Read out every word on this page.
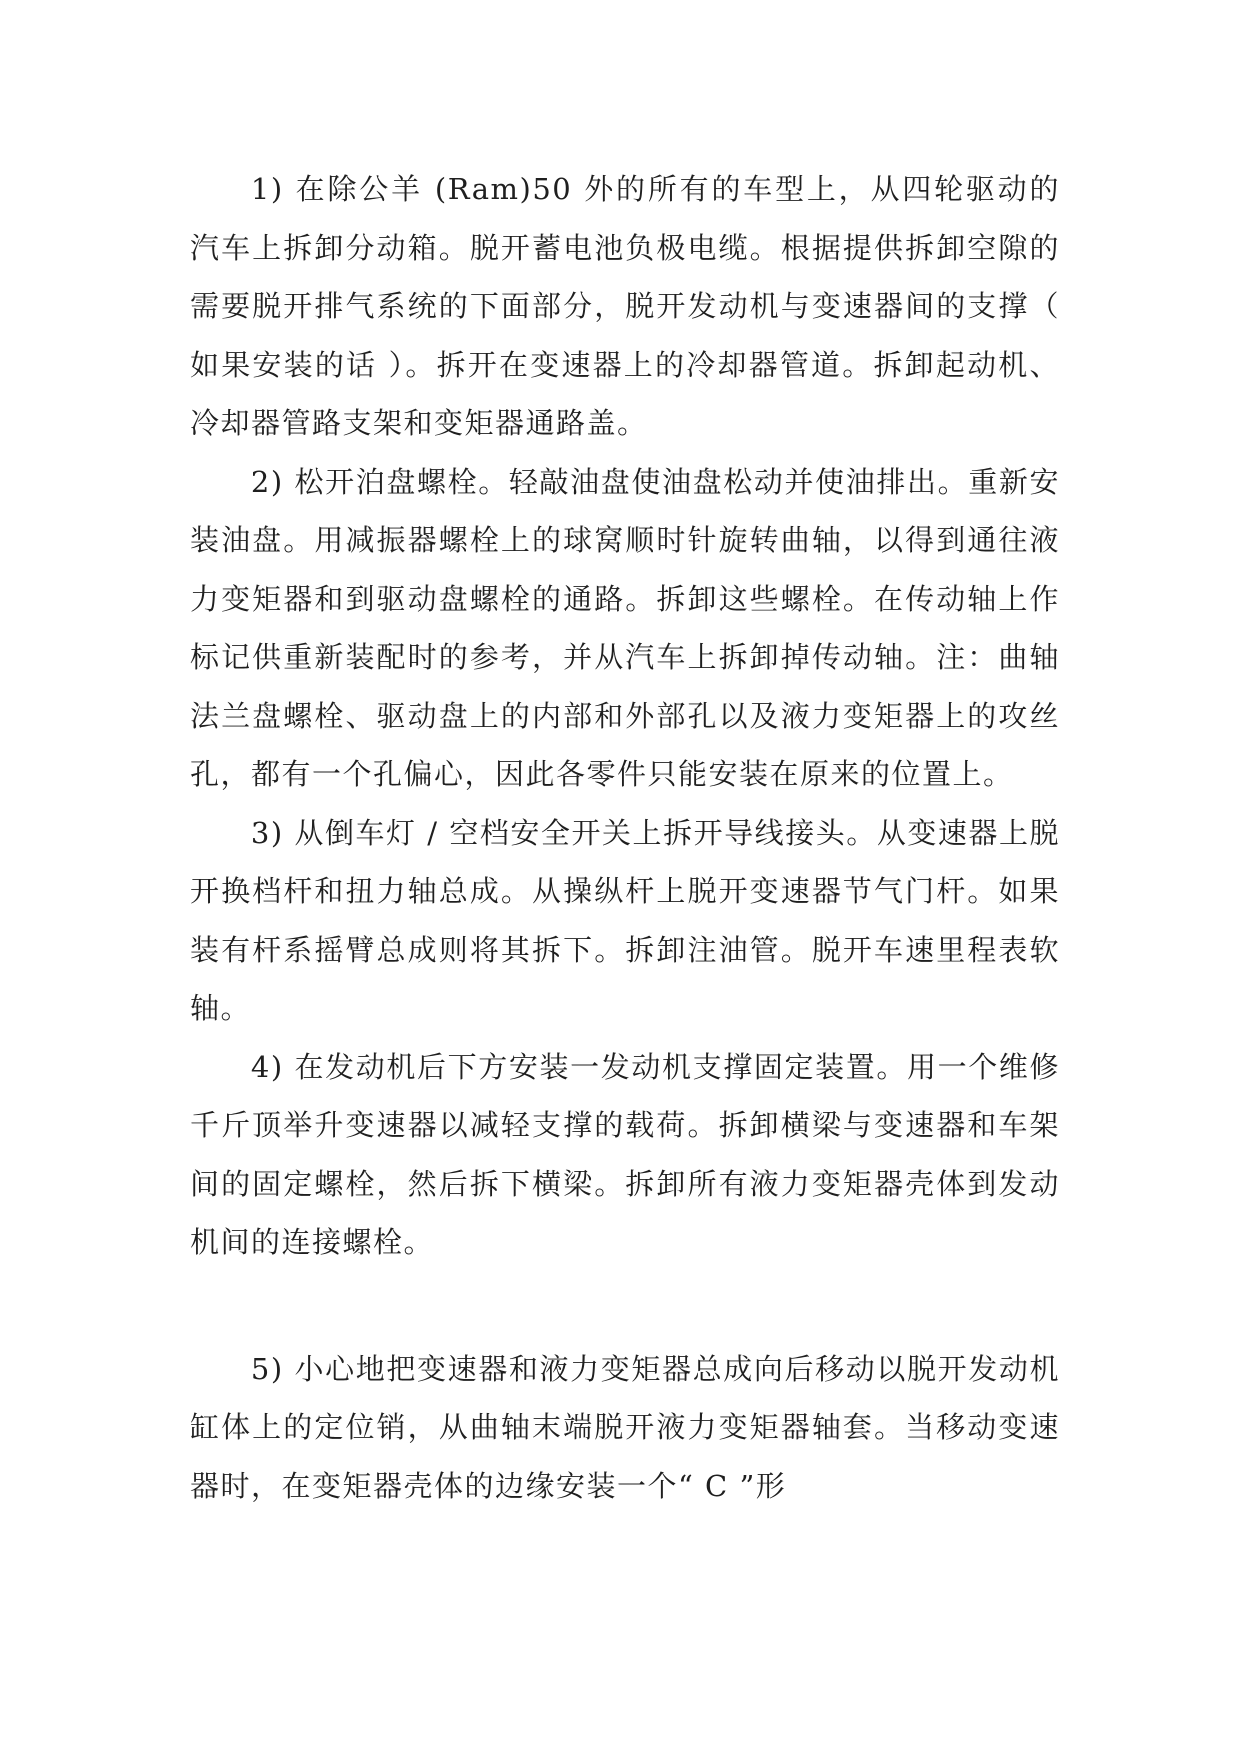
1) 在除公羊 (Ram)50 外的所有的车型上，从四轮驱动的汽车上拆卸分动箱。脱开蓄电池负极电缆。根据提供拆卸空隙的需要脱开排气系统的下面部分，脱开发动机与变速器间的支撑（ 如果安装的话 ）。拆开在变速器上的冷却器管道。拆卸起动机、冷却器管路支架和变矩器通路盖。

2) 松开泊盘螺栓。轻敲油盘使油盘松动并使油排出。重新安装油盘。用减振器螺栓上的球窝顺时针旋转曲轴，以得到通往液力变矩器和到驱动盘螺栓的通路。拆卸这些螺栓。在传动轴上作标记供重新装配时的参考，并从汽车上拆卸掉传动轴。注：曲轴法兰盘螺栓、驱动盘上的内部和外部孔以及液力变矩器上的攻丝孔，都有一个孔偏心，因此各零件只能安装在原来的位置上。

3) 从倒车灯 / 空档安全开关上拆开导线接头。从变速器上脱开换档杆和扭力轴总成。从操纵杆上脱开变速器节气门杆。如果装有杆系摇臂总成则将其拆下。拆卸注油管。脱开车速里程表软轴。

4) 在发动机后下方安装一发动机支撑固定装置。用一个维修千斤顶举升变速器以减轻支撑的载荷。拆卸横梁与变速器和车架间的固定螺栓，然后拆下横梁。拆卸所有液力变矩器壳体到发动机间的连接螺栓。

5) 小心地把变速器和液力变矩器总成向后移动以脱开发动机缸体上的定位销，从曲轴末端脱开液力变矩器轴套。当移动变速器时，在变矩器壳体的边缘安装一个“ C ”形
